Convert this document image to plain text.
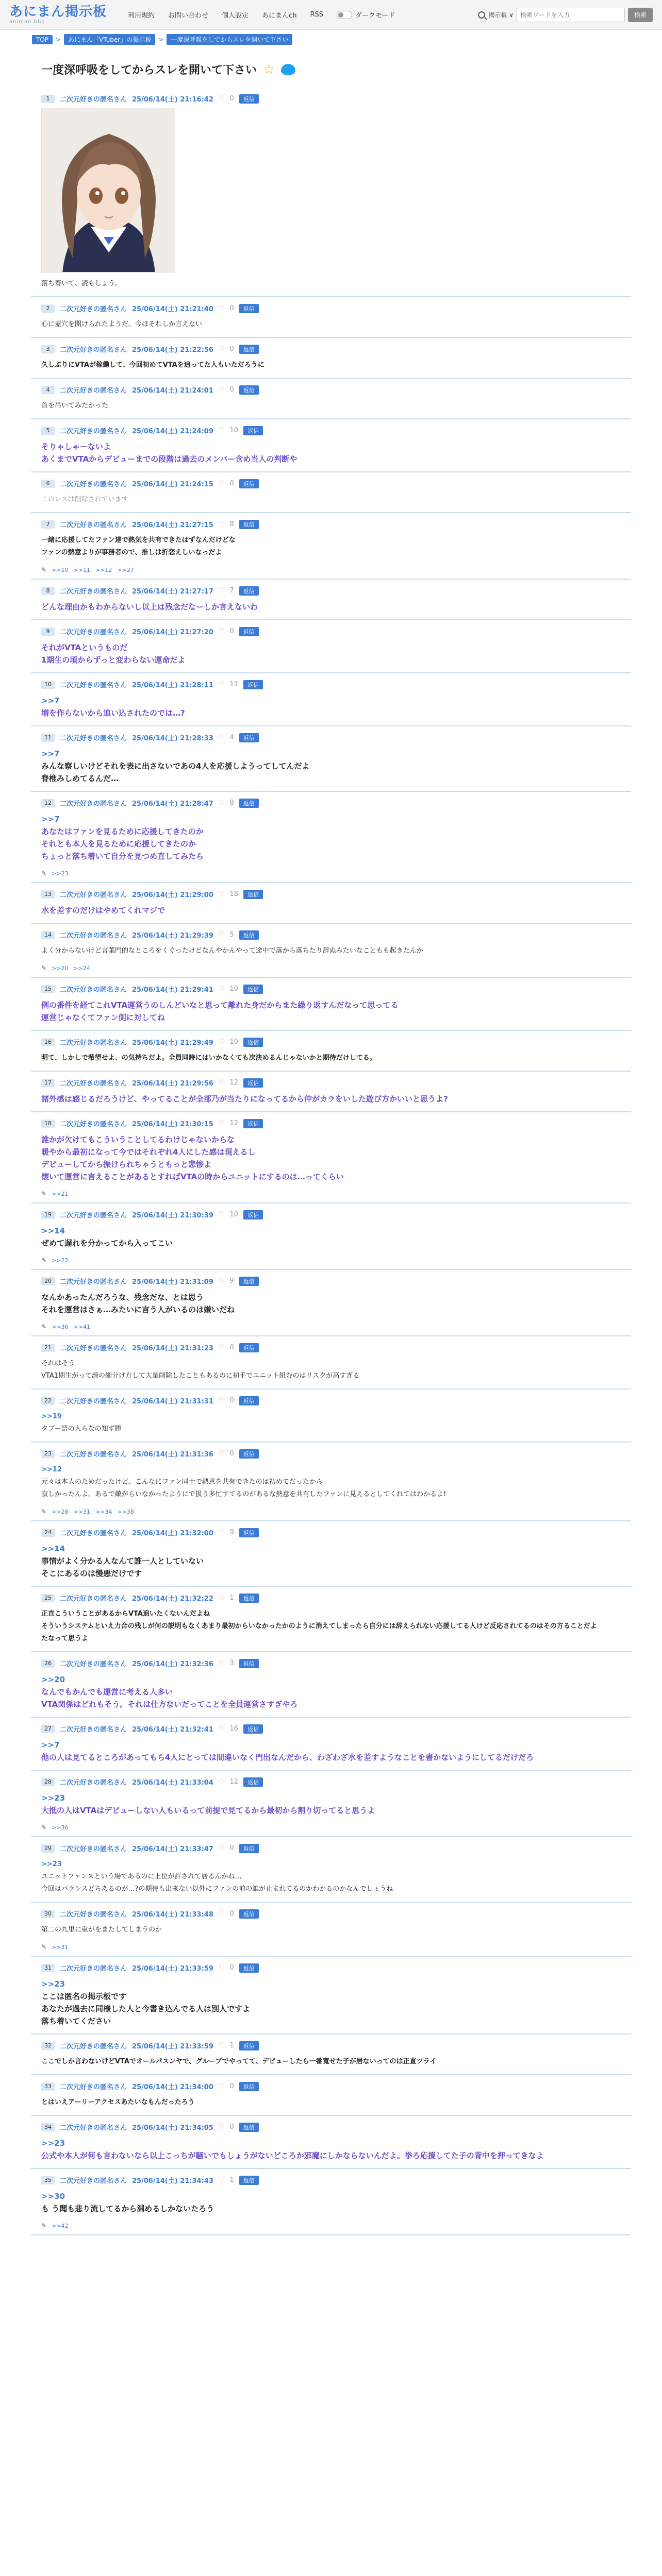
あにまん掲示板
animan bbs
利用規約 お問い合わせ 個人設定 あにまんch RSS	ダークモード	掲示板 ∨
検索ワードを入力	検索
TOP	>	あにまん「VTuber」の掲示板	>	一度深呼吸をしてからスレを開いて下さい
一度深呼吸をしてからスレを開いて下さい ☆
1	二次元好きの匿名さん 25/06/14(土) 21:16:42 ♡ 0	返信
落ち着いて、読もしょう。
2	二次元好きの匿名さん 25/06/14(土) 21:21:40 ♡ 0	返信
心に蓋穴を開けられたようだ。今ほそれしか言えない
3	二次元好きの匿名さん 25/06/14(土) 21:22:56 ♡ 0	返信
久しぶりにVTAが稼働して、今回初めてVTAを追ってた人もいただろうに
4	二次元好きの匿名さん 25/06/14(土) 21:24:01 ♡ 0	返信
首を吊いてみたかった
5	二次元好きの匿名さん 25/06/14(土) 21:24:09 ♡ 10	返信
そりゃしゃーないよ
あくまでVTAからデビューまでの段階は過去のメンバー含め当人の判断や
6	二次元好きの匿名さん 25/06/14(土) 21:24:15 ♡ 0	返信
このレスは削除されています
7	二次元好きの匿名さん 25/06/14(土) 21:27:15 ♡ 8	返信
一緒に応援してたファン達で熱気を共有できたはずなんだけどな
ファンの熱意よりが事務者ので、推しは折恋えしいなっだよ
✎ >>10 >>11 >>12 >>27
8	二次元好きの匿名さん 25/06/14(土) 21:27:17 ♡ 7	返信
どんな理由かもわからないし以上は残念だなーしか言えないわ
9	二次元好きの匿名さん 25/06/14(土) 21:27:20 ♡ 0	返信
それがVTAというものだ
1期生の頃からずっと変わらない運命だよ
10	二次元好きの匿名さん 25/06/14(土) 21:28:11 ♡ 11	返信
>>7
増を作らないから追い込されたのでは…?
11	二次元好きの匿名さん 25/06/14(土) 21:28:33 ♡ 4	返信
>>7
みんな察しいけどそれを表に出さないであの4人を応援しようってしてんだよ
脊椎みしめてるんだ…
12	二次元好きの匿名さん 25/06/14(土) 21:28:47 ♡ 8	返信
>>7
あなたはファンを見るために応援してきたのか
それとも本人を見るために応援してきたのか
ちょっと落ち着いて自分を見つめ直してみたら
✎ >>23
13	二次元好きの匿名さん 25/06/14(土) 21:29:00 ♡ 18	返信
水を差すのだけはやめてくれマジで
14	二次元好きの匿名さん 25/06/14(土) 21:29:39 ♡ 5	返信
よく分からないけど言葉門的なところをくぐったけどなんやかんやって途中で落から落ちたり辞ぬみたいなこともも起きたんか
✎ >>20 >>24
15	二次元好きの匿名さん 25/06/14(土) 21:29:41 ♡ 10	返信
例の番件を経てこれVTA運営うのしんどいなと思って離れた身だからまた繰り返すんだなって思ってる
運営じゃなくてファン側に対してね
16	二次元好きの匿名さん 25/06/14(土) 21:29:49 ♡ 10	返信
明て、しかしで希望せよ、の気持ちだよ。全員同時にはいかなくても次決めるんじゃないかと期待だけしてる。
17	二次元好きの匿名さん 25/06/14(土) 21:29:56 ♡ 12	返信
諸外感は感じるだろうけど、やってることが全部乃が当たりになってるから仲がカラをいした遊び方かいいと思うよ?
18	二次元好きの匿名さん 25/06/14(土) 21:30:15 ♡ 12	返信
誰かが欠けてもこういうことしてるわけじゃないからな
暖やから最初になって今ではそれぞれ4人にした感は現えるし
デビューしてから振けられちゃうともっと悲惨よ
懐いて運営に言えることがあるとすればVTAの時からユニットにするのは…ってくらい
✎ >>21
19	二次元好きの匿名さん 25/06/14(土) 21:30:39 ♡ 10	返信
>>14
ぜめて遅れを分かってから入ってこい
✎ >>22
20	二次元好きの匿名さん 25/06/14(土) 21:31:09 ♡ 9	返信
なんかあったんだろうな、残念だな、とは思う
それを運営はさぁ…みたいに言う人がいるのは嫌いだね
✎ >>36 >>41
21	二次元好きの匿名さん 25/06/14(土) 21:31:23 ♡ 0	返信
それはそう
VTA1期生がって諦の細分け方して大量削除したこともあるのに初手でユニット組むのはリスクが高すぎる
22	二次元好きの匿名さん 25/06/14(土) 21:31:31 ♡ 0	返信
>>19
タブー語の入らなの知ず勝
23	二次元好きの匿名さん 25/06/14(土) 21:31:36 ♡ 0	返信
>>12
元々は本人のためだったけど、こんなにファン同士で熱意を共有できたのは初めてだったから
寂しかったんよ。あるで敵がらいなかったようにで扱う多忙すてるのがあるな熱意を共有したファンに見えるとしてくれてはわかるよ!
✎ >>28 >>31 >>34 >>38
24	二次元好きの匿名さん 25/06/14(土) 21:32:00 ♡ 9	返信
>>14
事情がよく分かる人なんて誰一人としていない
そこにあるのは慢悪だけです
25	二次元好きの匿名さん 25/06/14(土) 21:32:22 ♡ 1	返信
正直こういうことがあるからVTA追いたくないんだよね
そういうシステムといえ力合の残しが何の説明もなくあまり最初からいなかったかのように消えてしまったら自分には辞えられない応援してる人けど反応されてるのはその方ることだよ
たなって思うよ
26	二次元好きの匿名さん 25/06/14(土) 21:32:36 ♡ 3	返信
>>20
なんでもかんでも運営に考える人多い
VTA関係はどれもそう。それは仕方ないだってことを全員運営さすぎやろ
27	二次元好きの匿名さん 25/06/14(土) 21:32:41 ♡ 16	返信
>>7
他の人は見てるところがあってもら4人にとっては間違いなく門出なんだから、わざわざ水を差すようなことを書かないようにしてるだけだろ
28	二次元好きの匿名さん 25/06/14(土) 21:33:04 ♡ 12	返信
>>23
大抵の人はVTAはデビューしない人もいるって前提で見てるから最初から割り切ってると思うよ
✎ >>36
29	二次元好きの匿名さん 25/06/14(土) 21:33:47 ♡ 0	返信
>>23
ユニットファンスという場であるのに上位が許されて居るんかね…
今回はバランスどちあるのが…?の期待も出来ない以外にファンの前の誰が止まれてるのかわかるのかなんでしょうね
30	二次元好きの匿名さん 25/06/14(土) 21:33:48 ♡ 0	返信
第二の九里に重がをまたしてしまうのか
✎ >>31
31	二次元好きの匿名さん 25/06/14(土) 21:33:59 ♡ 0	返信
>>23
ここは匿名の掲示板です
あなたが過去に同様した人と今書き込んでる人は別人ですよ
落ち着いてください
32	二次元好きの匿名さん 25/06/14(土) 21:33:59 ♡ 1	返信
ここでしか言わないけどVTAでオールパスンヤで、グループでやってて、デビューしたら一番寛せた子が居ないってのは正直ツライ
33	二次元好きの匿名さん 25/06/14(土) 21:34:00 ♡ 0	返信
とはいえアーリーアクセスあたいなもんだったろう
34	二次元好きの匿名さん 25/06/14(土) 21:34:05 ♡ 0	返信
>>23
公式や本人が何も言わないなら以上こっちが騒いでもしょうがないどころか邪魔にしかならないんだよ。挙ろ応援してた子の背中を押ってきなよ
35	二次元好きの匿名さん 25/06/14(土) 21:34:43 ♡ 1	返信
>>30
も う聞も悲り流してるから淵めるしかないたろう
✎ >>42
